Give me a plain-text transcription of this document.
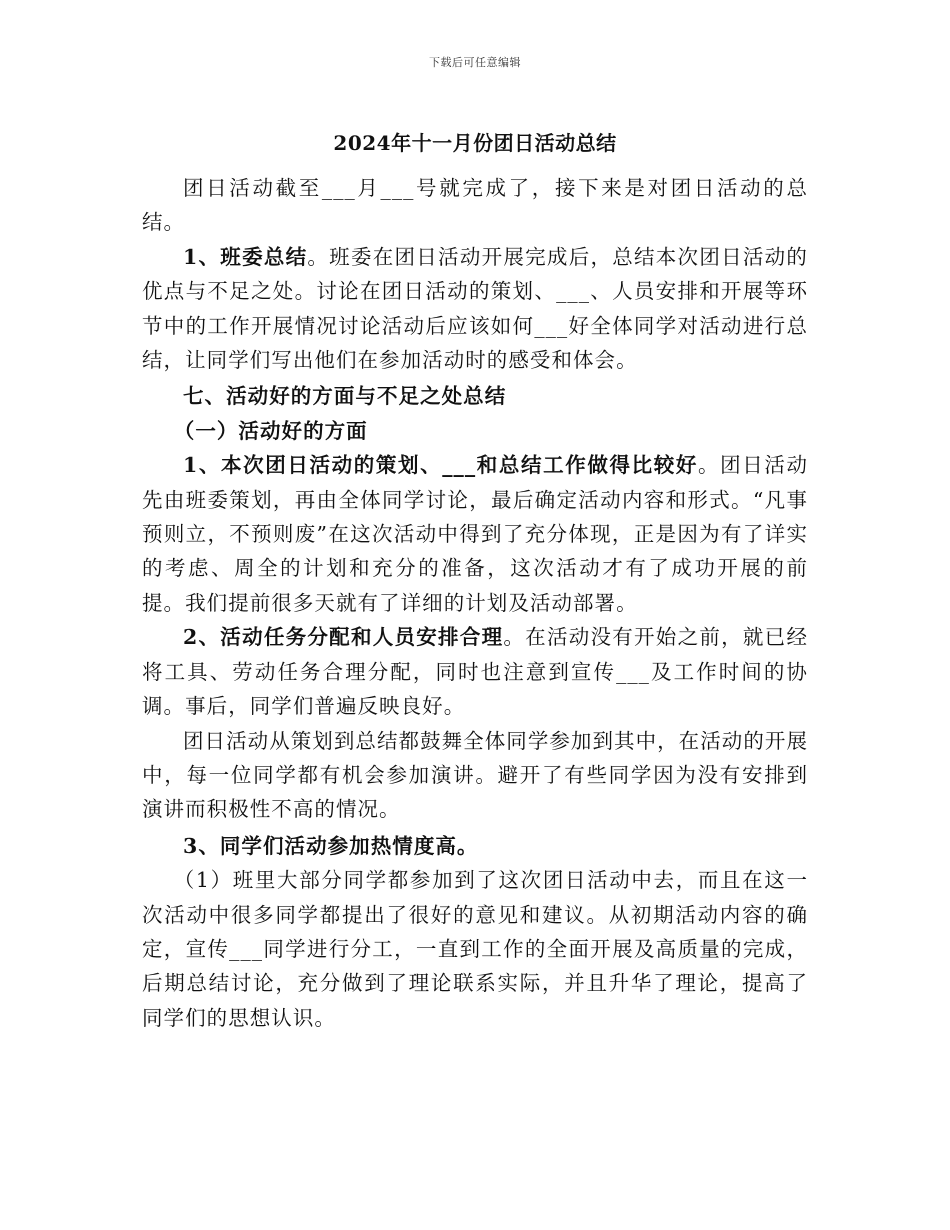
下载后可任意编辑
2024年十一月份团日活动总结

团日活动截至___月___号就完成了，接下来是对团日活动的总结。

1、班委总结。班委在团日活动开展完成后，总结本次团日活动的优点与不足之处。讨论在团日活动的策划、___、人员安排和开展等环节中的工作开展情况讨论活动后应该如何___好全体同学对活动进行总结，让同学们写出他们在参加活动时的感受和体会。

七、活动好的方面与不足之处总结

（一）活动好的方面

1、本次团日活动的策划、___和总结工作做得比较好。团日活动先由班委策划，再由全体同学讨论，最后确定活动内容和形式。“凡事预则立，不预则废”在这次活动中得到了充分体现，正是因为有了详实的考虑、周全的计划和充分的准备，这次活动才有了成功开展的前提。我们提前很多天就有了详细的计划及活动部署。

2、活动任务分配和人员安排合理。在活动没有开始之前，就已经将工具、劳动任务合理分配，同时也注意到宣传___及工作时间的协调。事后，同学们普遍反映良好。

团日活动从策划到总结都鼓舞全体同学参加到其中，在活动的开展中，每一位同学都有机会参加演讲。避开了有些同学因为没有安排到演讲而积极性不高的情况。

3、同学们活动参加热情度高。

（1）班里大部分同学都参加到了这次团日活动中去，而且在这一次活动中很多同学都提出了很好的意见和建议。从初期活动内容的确定，宣传___同学进行分工，一直到工作的全面开展及高质量的完成，后期总结讨论，充分做到了理论联系实际，并且升华了理论，提高了同学们的思想认识。
